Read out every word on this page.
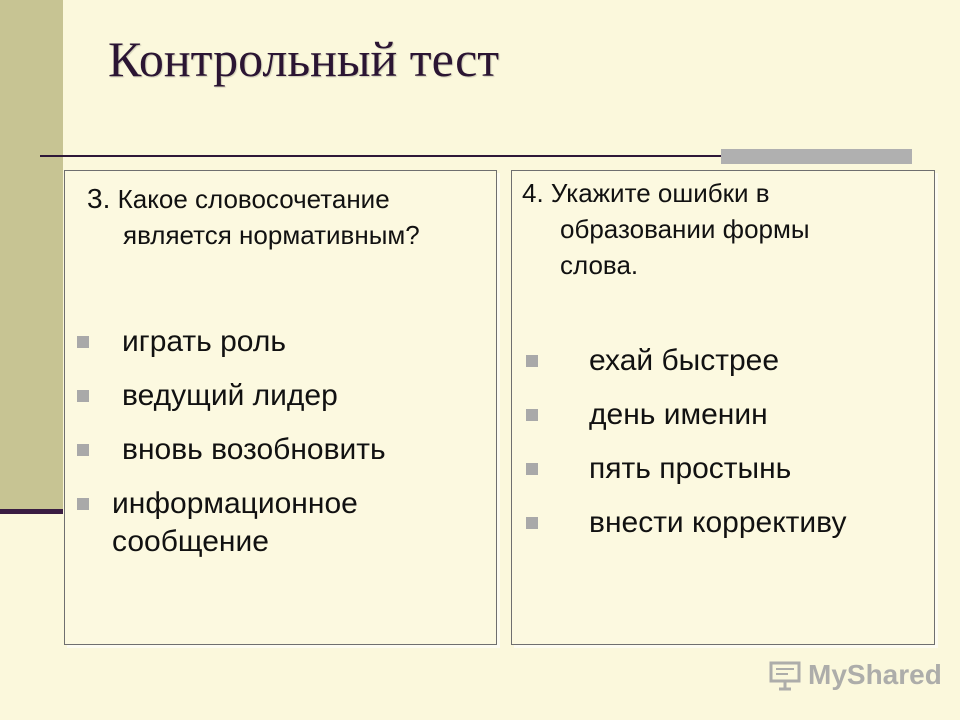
Контрольный тест
3. Какое словосочетание
является нормативным?
играть роль
ведущий лидер
вновь возобновить
информационное
сообщение
4. Укажите ошибки в
образовании формы
слова.
ехай быстрее
день именин
пять простынь
внести коррективу
MyShared
